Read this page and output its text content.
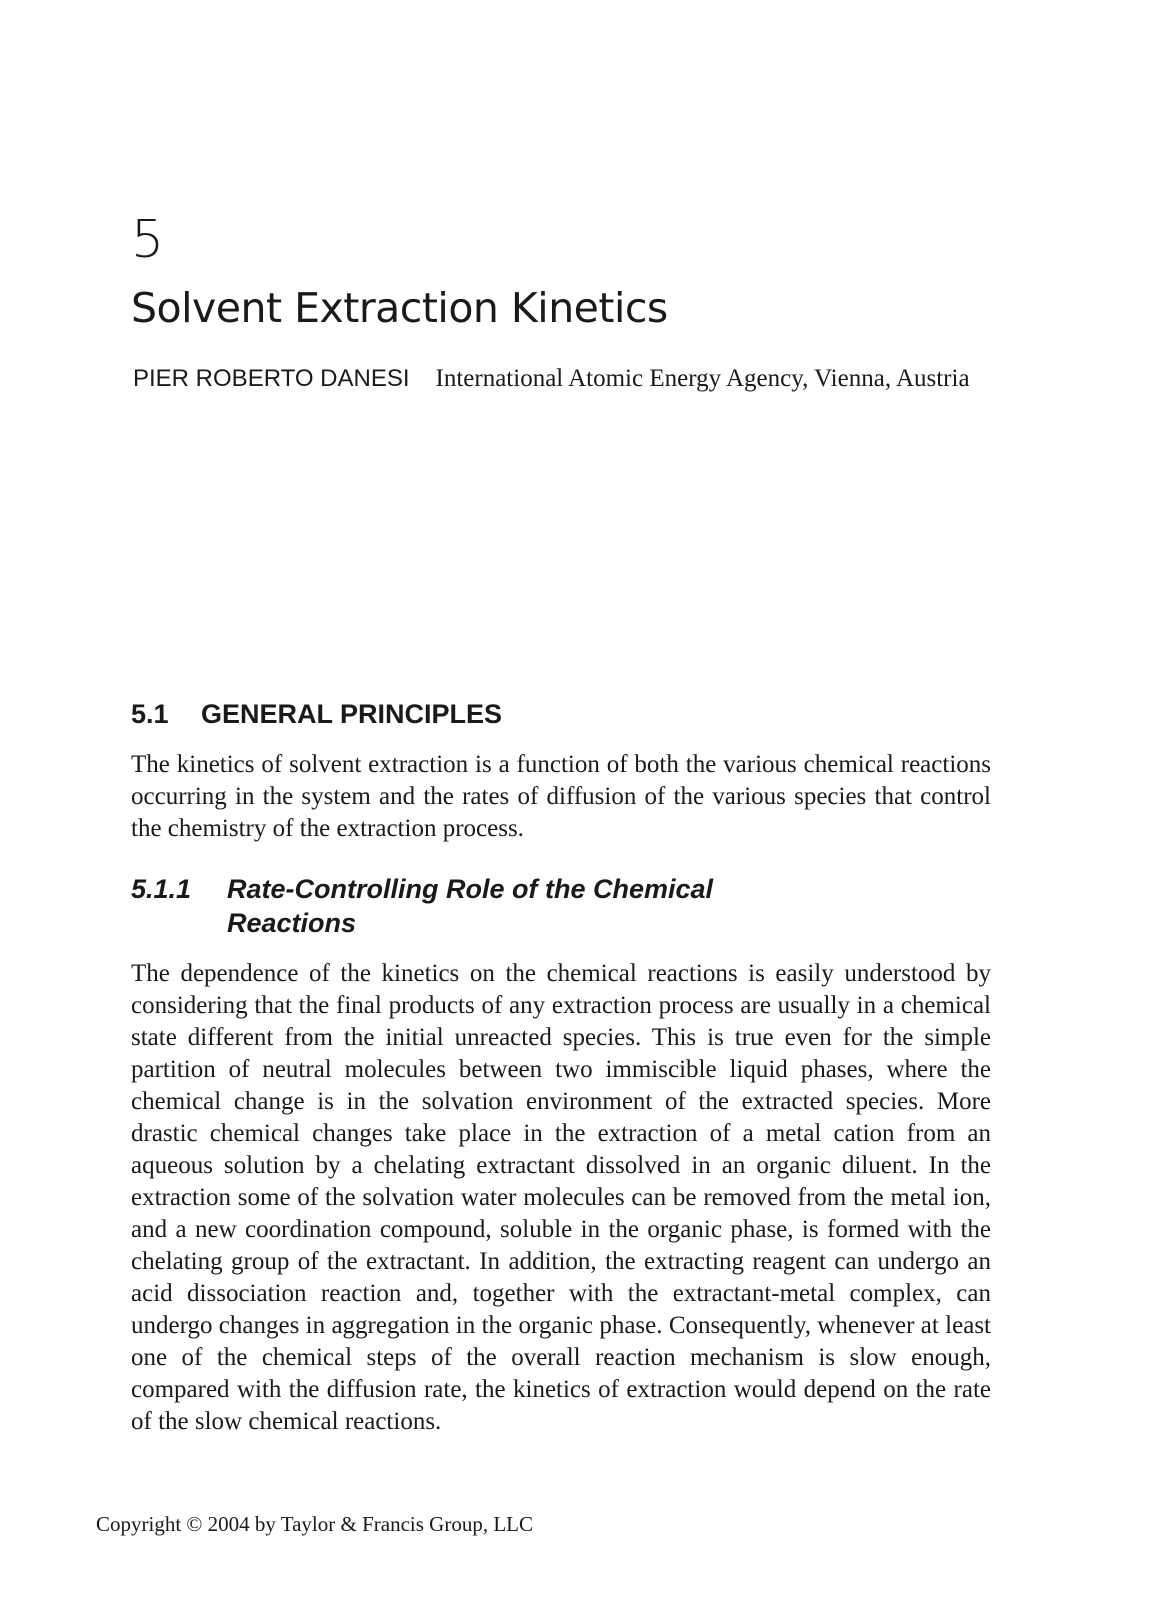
5
Solvent Extraction Kinetics

PIER ROBERTO DANESI International Atomic Energy Agency, Vienna, Austria

5.1 GENERAL PRINCIPLES

The kinetics of solvent extraction is a function of both the various chemical reactions occurring in the system and the rates of diffusion of the various species that control the chemistry of the extraction process.

5.1.1	Rate-Controlling Role of the Chemical Reactions

The dependence of the kinetics on the chemical reactions is easily understood by considering that the final products of any extraction process are usually in a chemical state different from the initial unreacted species. This is true even for the simple partition of neutral molecules between two immiscible liquid phases, where the chemical change is in the solvation environment of the extracted species. More drastic chemical changes take place in the extraction of a metal cation from an aqueous solution by a chelating extractant dissolved in an organic diluent. In the extraction some of the solvation water molecules can be removed from the metal ion, and a new coordination compound, soluble in the organic phase, is formed with the chelating group of the extractant. In addition, the extracting reagent can undergo an acid dissociation reaction and, together with the extractant-metal complex, can undergo changes in aggregation in the organic phase. Consequently, whenever at least one of the chemical steps of the overall reaction mechanism is slow enough, compared with the diffusion rate, the kinetics of extraction would depend on the rate of the slow chemical reactions.

Copyright © 2004 by Taylor & Francis Group, LLC
